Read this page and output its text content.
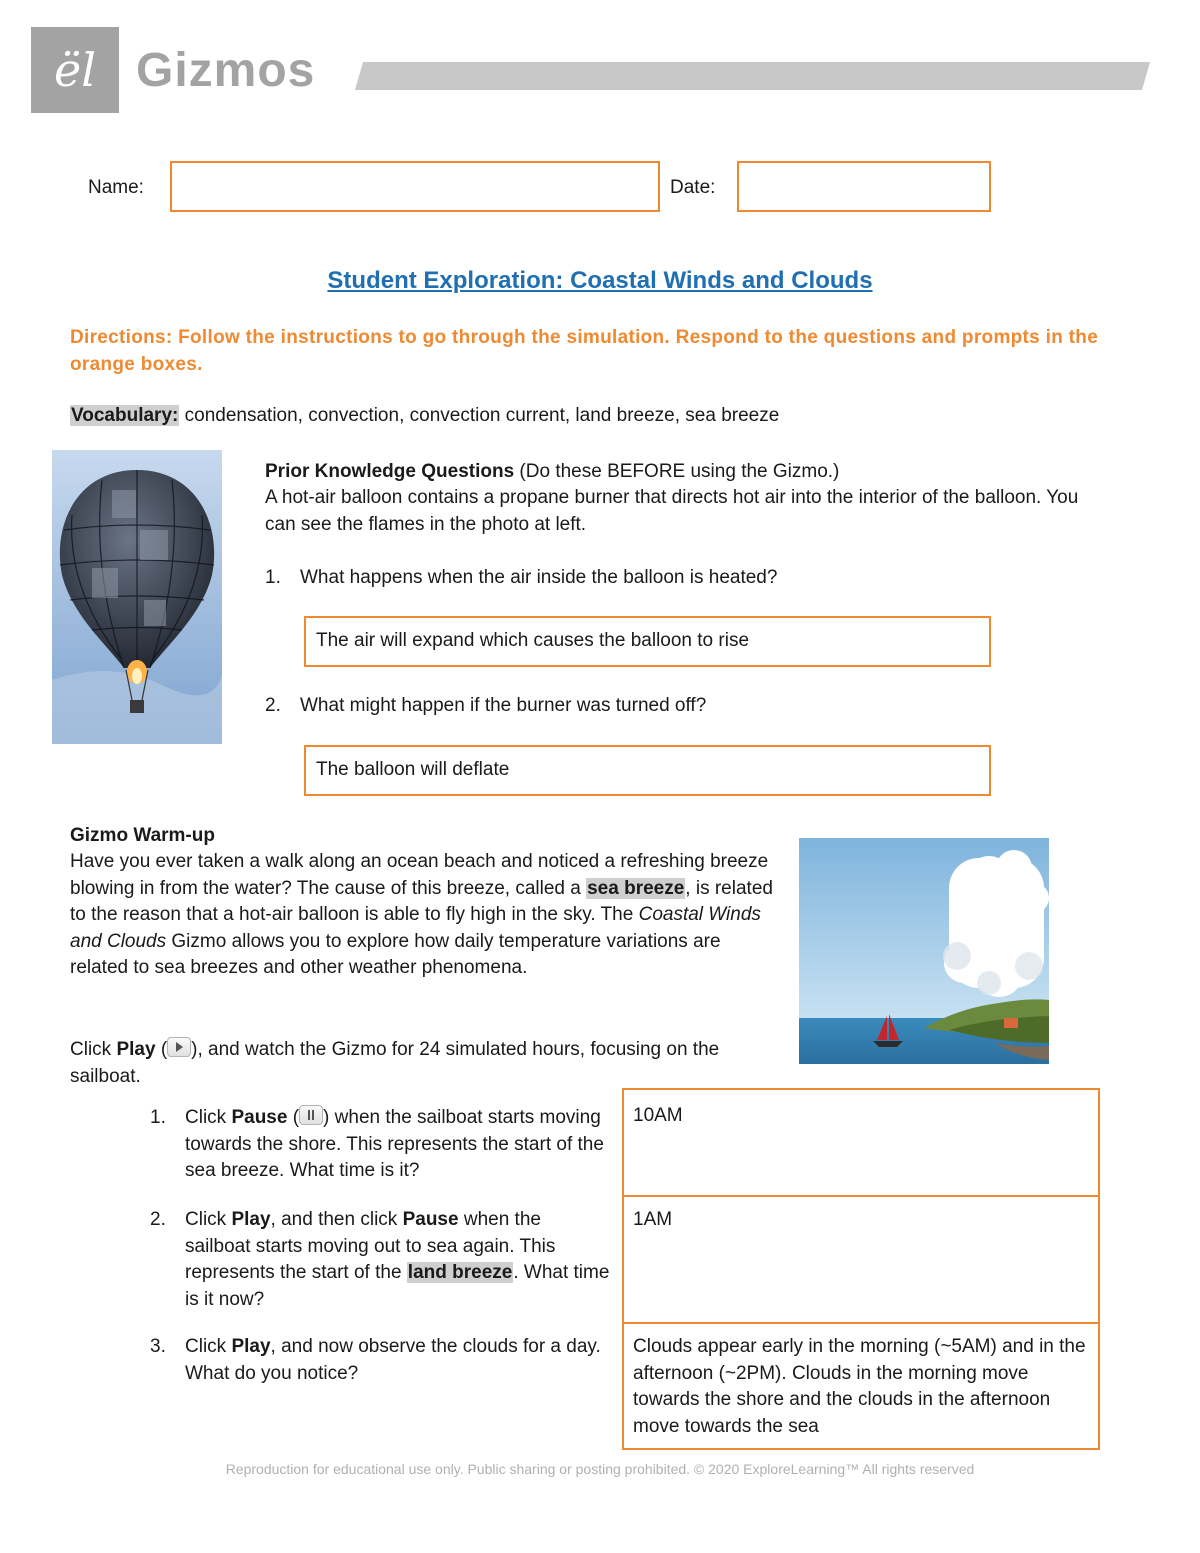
ël Gizmos
Name:	Date:
Student Exploration: Coastal Winds and Clouds
Directions: Follow the instructions to go through the simulation. Respond to the questions and prompts in the orange boxes.
Vocabulary: condensation, convection, convection current, land breeze, sea breeze
Prior Knowledge Questions (Do these BEFORE using the Gizmo.)
A hot-air balloon contains a propane burner that directs hot air into the interior of the balloon. You can see the flames in the photo at left.
1. What happens when the air inside the balloon is heated?
The air will expand which causes the balloon to rise
2. What might happen if the burner was turned off?
The balloon will deflate
Gizmo Warm-up
Have you ever taken a walk along an ocean beach and noticed a refreshing breeze blowing in from the water? The cause of this breeze, called a sea breeze, is related to the reason that a hot-air balloon is able to fly high in the sky. The Coastal Winds and Clouds Gizmo allows you to explore how daily temperature variations are related to sea breezes and other weather phenomena.
Click Play ( ), and watch the Gizmo for 24 simulated hours, focusing on the sailboat.
1. Click Pause ( ) when the sailboat starts moving towards the shore. This represents the start of the sea breeze. What time is it?
2. Click Play, and then click Pause when the sailboat starts moving out to sea again. This represents the start of the land breeze. What time is it now?
3. Click Play, and now observe the clouds for a day. What do you notice?
10AM
1AM
Clouds appear early in the morning (~5AM) and in the afternoon (~2PM). Clouds in the morning move towards the shore and the clouds in the afternoon move towards the sea
Reproduction for educational use only. Public sharing or posting prohibited. © 2020 ExploreLearning™ All rights reserved
